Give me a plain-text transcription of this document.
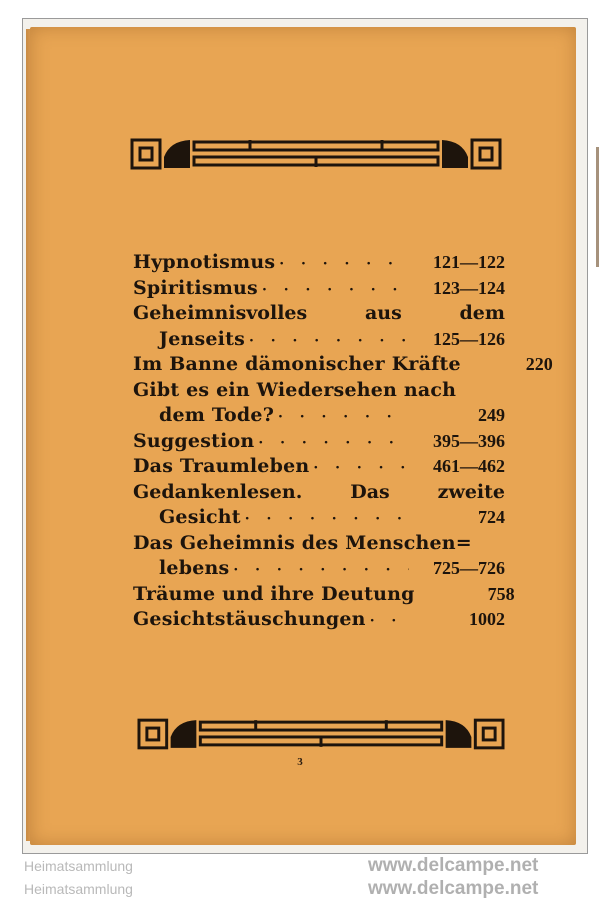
Hypnotismus · · ·	121—122
Spiritismus · · ·	123—124
Geheimnisvolles	aus	dem
Jenseits · · ·	125—126
Im Banne dämonischer Kräfte	220
Gibt es ein Wiedersehen nach
dem Tode? · · ·	249
Suggestion · · ·	395—396
Das Traumleben · · ·	461—462
Gedankenlesen.	Das	zweite
Gesicht · · ·	724
Das Geheimnis des Menschen=
lebens · · ·	725—726
Träume und ihre Deutung	758
Gesichtstäuschungen · · ·	1002
3
Heimatsammlung	www.delcampe.net
Heimatsammlung	www.delcampe.net
